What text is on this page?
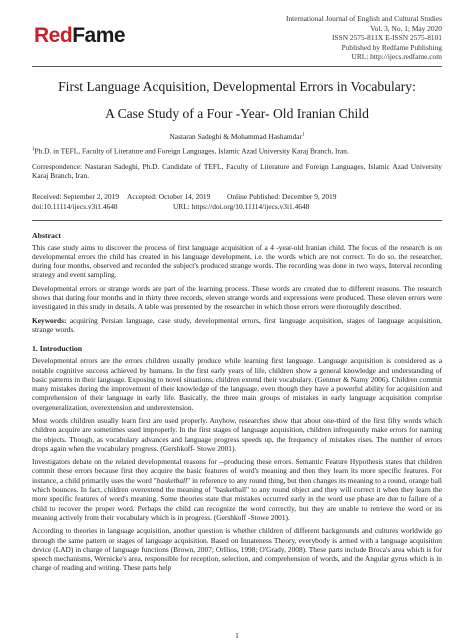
RedFame
International Journal of English and Cultural Studies
Vol. 3, No. 1; May 2020
ISSN 2575-811X E-ISSN 2575-8101
Published by Redfame Publishing
URL: http://ijecs.redfame.com
First Language Acquisition, Developmental Errors in Vocabulary:
A Case Study of a Four -Year- Old Iranian Child
Nastaran Sadeghi & Mohammad Hashamdar$^1$

$^1$Ph.D. in TEFL, Faculty of Literature and Foreign Languages, Islamic Azad University Karaj Branch, Iran.

Correspondence: Nastaran Sadeghi, Ph.D. Candidate of TEFL, Faculty of Literature and Foreign Languages, Islamic Azad University Karaj Branch, Iran.

Received: September 2, 2019	Accepted: October 14, 2019	Online Published: December 9, 2019
doi:10.11114/ijecs.v3i1.4648	URL: https://doi.org/10.11114/ijecs.v3i1.4648
Abstract

This case study aims to discover the process of first language acquisition of a 4 -year-old Iranian child. The focus of the research is on developmental errors the child has created in his language development, i.e. the words which are not correct. To do so, the researcher, during four months, observed and recorded the subject's produced strange words. The recording was done in two ways, Interval recording strategy and event sampling.

Developmental errors or strange words are part of the learning process. These words are created due to different reasons. The research shows that during four months and in thirty three records, eleven strange words and expressions were produced. These eleven errors were investigated in this study in details. A table was presented by the researcher in which those errors were thoroughly described.

Keywords: acquiring Persian language, case study, developmental errors, first language acquisition, stages of language acquisition, strange words.

1. Introduction

Developmental errors are the errors children usually produce while learning first language. Language acquisition is considered as a notable cognitive success achieved by humans. In the first early years of life, children show a general knowledge and understanding of basic patterns in their language. Exposing to novel situations, children extend their vocabulary. (Gentner & Namy 2006). Children commit many mistakes during the improvement of their knowledge of the language, even though they have a powerful ability for acquisition and comprehension of their language in early life. Basically, the three main groups of mistakes in early language acquisition comprise overgeneralization, overextension and underextension.

Most words children usually learn first are used properly. Anyhow, researches show that about one-third of the first fifty words which children acquire are sometimes used improperly. In the first stages of language acquisition, children infrequently make errors for naming the objects. Though, as vocabulary advances and language progress speeds up, the frequency of mistakes rises. The number of errors drops again when the vocabulary progress. (Gershkoff- Stowe 2001).

Investigators debate on the related developmental reasons for --producing these errors. Semantic Feature Hypothesis states that children commit these errors because first they acquire the basic features of word's meaning and then they learn its more specific features. For instance, a child primarily uses the word "basketball" in reference to any round thing, but then changes its meaning to a round, orange ball which bounces. In fact, children overextend the meaning of "basketball" to any round object and they will correct it when they learn the more specific features of word's meaning. Some theories state that mistakes occurred early in the word use phase are due to failure of a child to recover the proper word. Perhaps the child can recognize the word correctly, but they are unable to retrieve the word or its meaning actively from their vocabulary which is in progress. (Gershkoff -Stowe 2001).

According to theories in language acquisition, another question is whether children of different backgrounds and cultures worldwide go through the same pattern or stages of language acquisition. Based on Innateness Theory, everybody is armed with a language acquisition device (LAD) in charge of language functions (Brown, 2007; OrIlios, 1998; O'Grady, 2008). These parts include Broca's area which is for speech mechanisms, Wernicke's area, responsible for reception, selection, and comprehension of words, and the Angular gyrus which is in charge of reading and writing. These parts help

1
